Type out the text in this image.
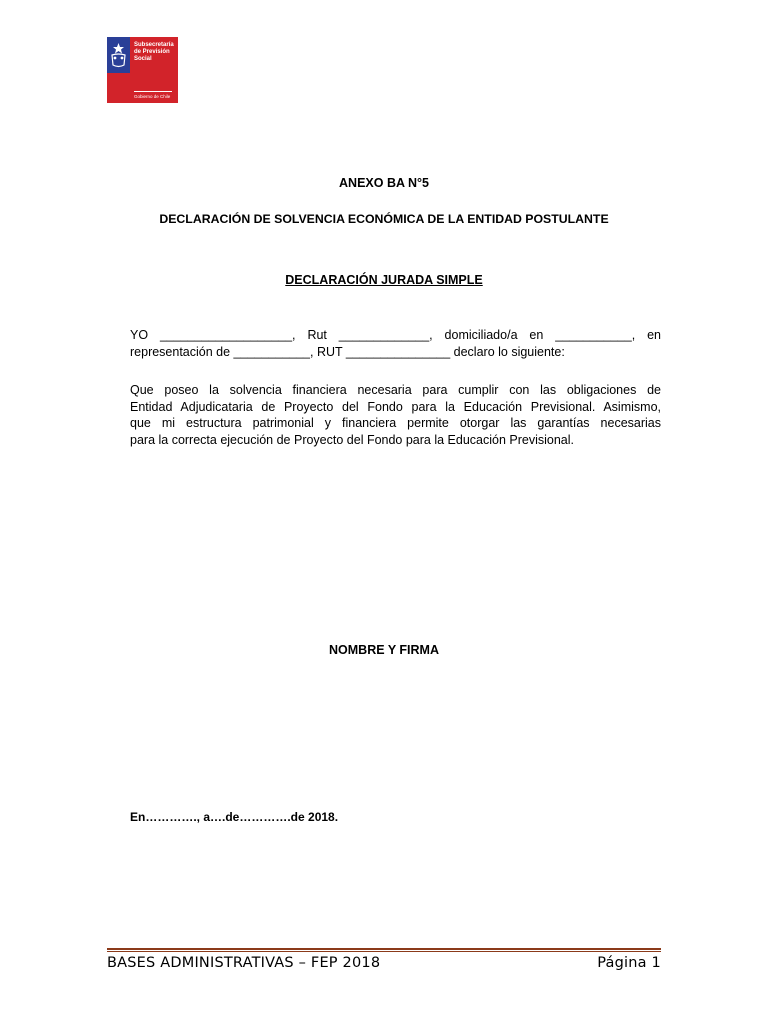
Subsecretaría
de Previsión
Social
Gobierno de Chile
ANEXO BA N°5
DECLARACIÓN DE SOLVENCIA ECONÓMICA DE LA ENTIDAD POSTULANTE
DECLARACIÓN JURADA SIMPLE
YO ___________________, Rut _____________, domiciliado/a en ___________, en
representación de ___________, RUT _______________ declaro lo siguiente:
Que poseo la solvencia financiera necesaria para cumplir con las obligaciones de
Entidad Adjudicataria de Proyecto del Fondo para la Educación Previsional. Asimismo,
que mi estructura patrimonial y financiera permite otorgar las garantías necesarias
para la correcta ejecución de Proyecto del Fondo para la Educación Previsional.
NOMBRE Y FIRMA
En…………., a….de………….de 2018.
BASES ADMINISTRATIVAS – FEP 2018	Página 1
